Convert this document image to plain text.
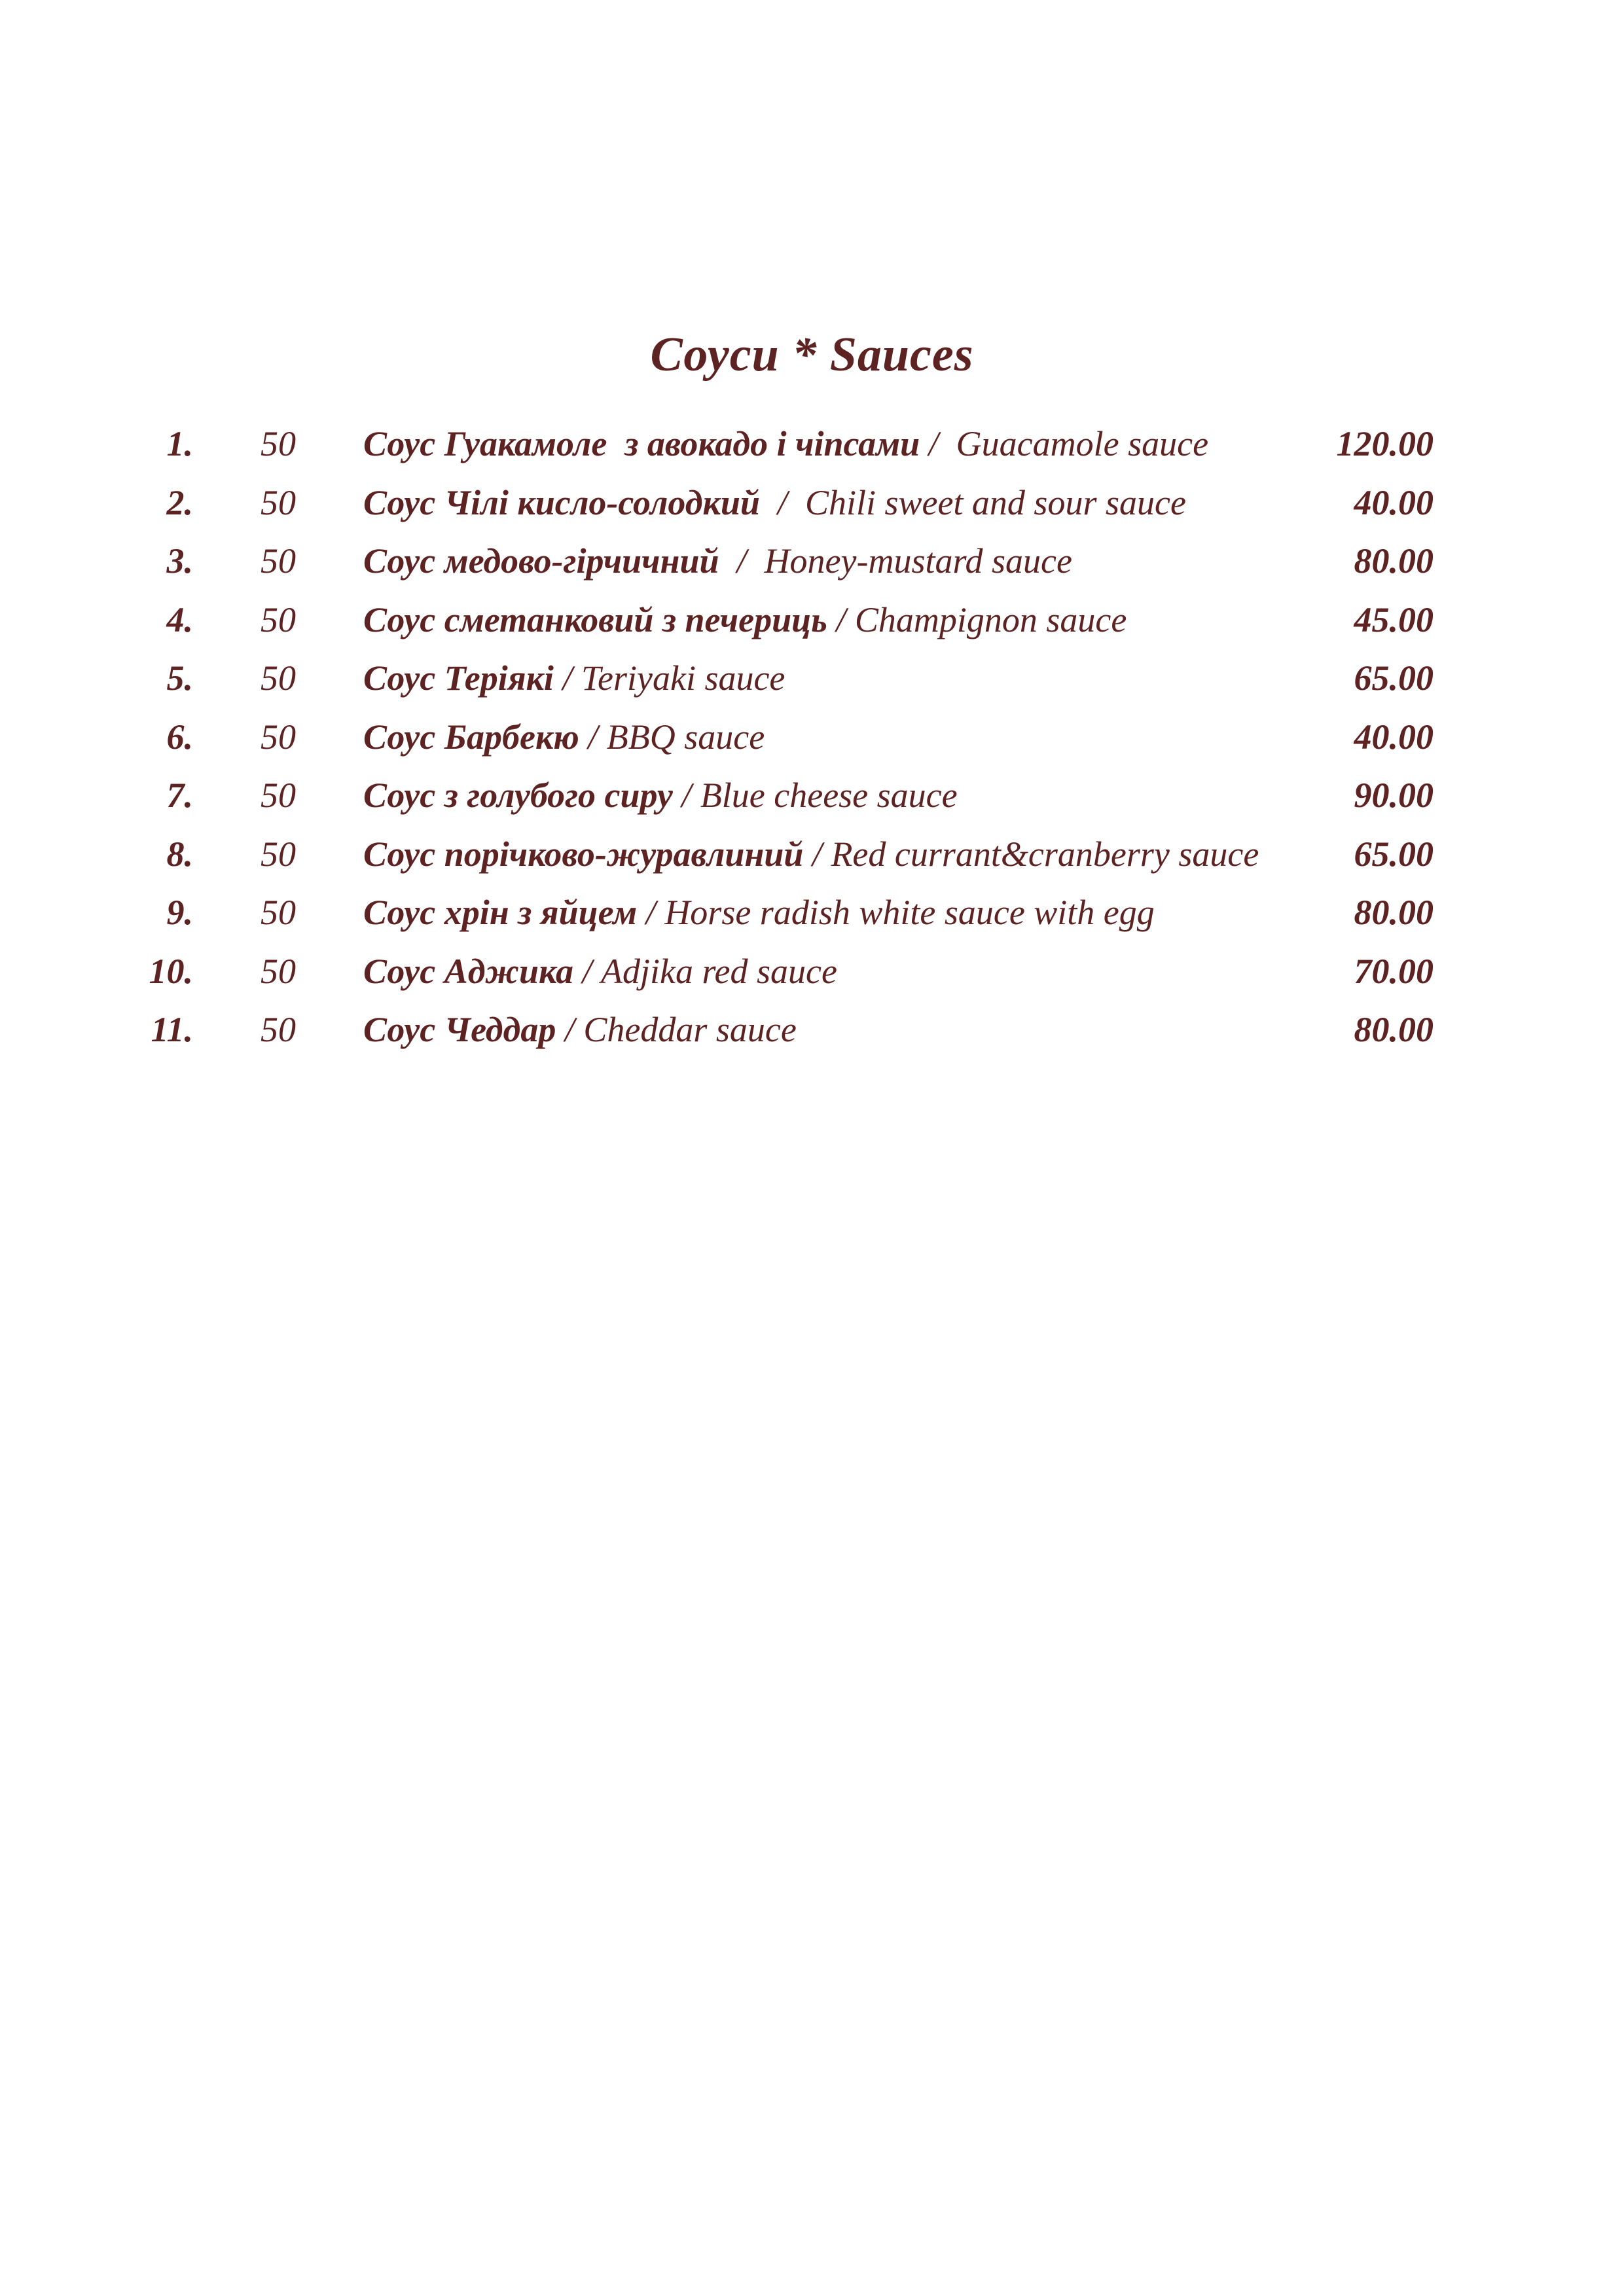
Соуси * Sauces
1.	50	Соус Гуакамоле  з авокадо і чіпсами /  Guacamole sauce	120.00
2.	50	Соус Чілі кисло-солодкий  /  Chili sweet and sour sauce	40.00
3.	50	Соус медово-гірчичний  /  Honey-mustard sauce	80.00
4.	50	Соус сметанковий з печериць / Champignon sauce	45.00
5.	50	Соус Теріякі / Teriyaki sauce	65.00
6.	50	Соус Барбекю / BBQ sauce	40.00
7.	50	Соус з голубого сиру / Blue cheese sauce	90.00
8.	50	Соус порічково-журавлиний / Red currant&cranberry sauce	65.00
9.	50	Соус хрін з яйцем / Horse radish white sauce with egg	80.00
10.	50	Соус Аджика / Adjika red sauce	70.00
11.	50	Соус Чеддар / Cheddar sauce	80.00
